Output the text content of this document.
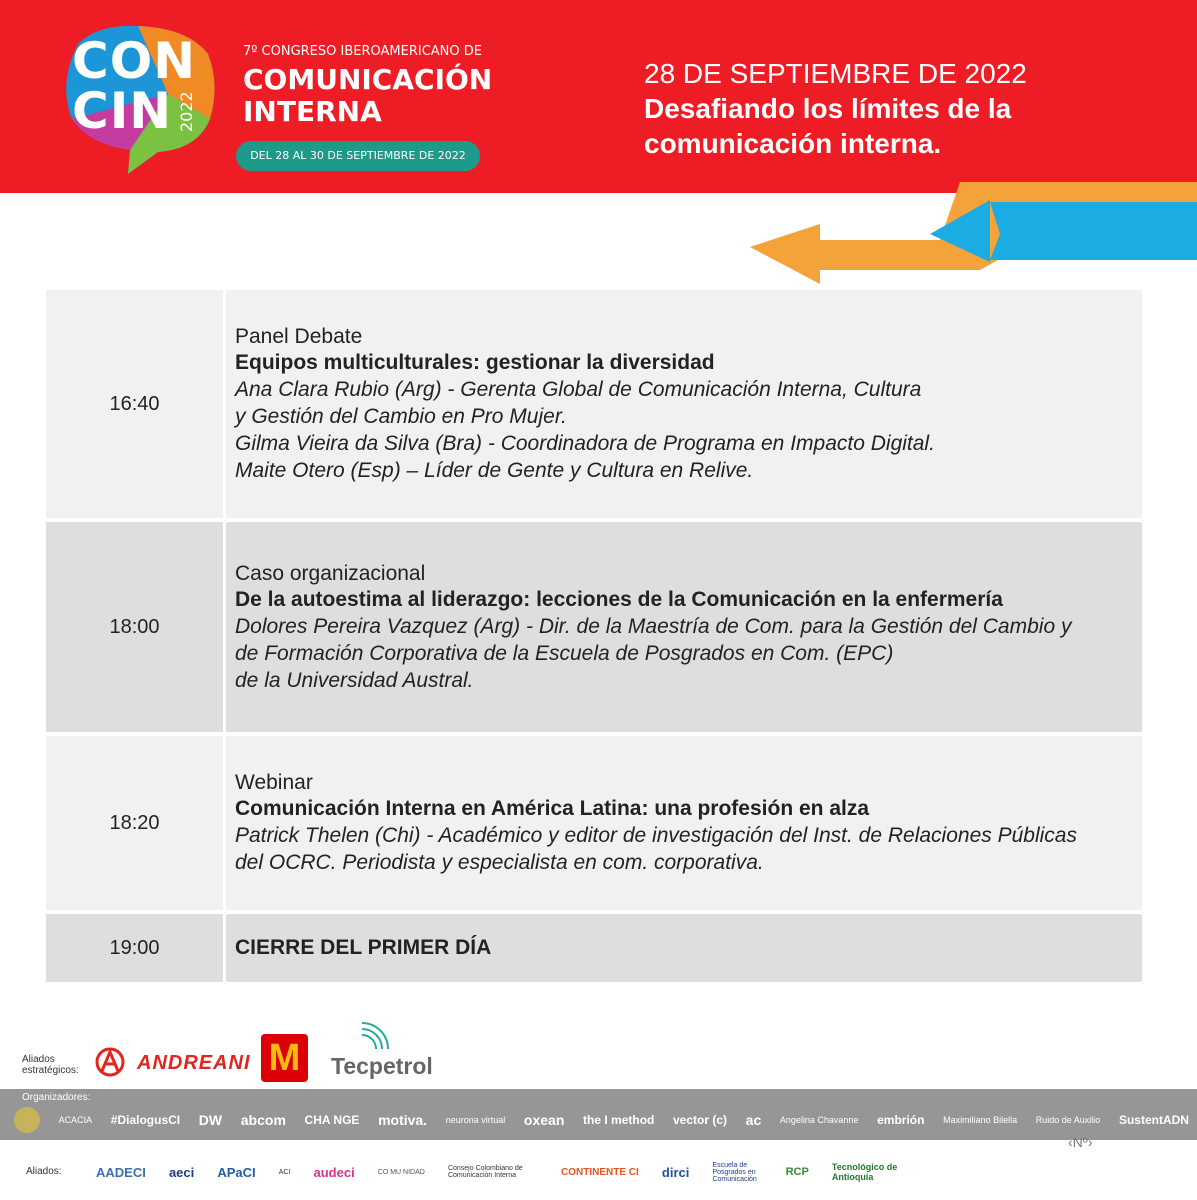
CON
CIN 2022
7º CONGRESO IBEROAMERICANO DE
COMUNICACIÓN
INTERNA
DEL 28 AL 30 DE SEPTIEMBRE DE 2022
28 DE SEPTIEMBRE DE 2022
Desafiando los límites de la
comunicación interna.
16:40
Panel Debate
Equipos multiculturales: gestionar la diversidad
Ana Clara Rubio (Arg) - Gerenta Global de Comunicación Interna, Cultura
y Gestión del Cambio en Pro Mujer.
Gilma Vieira da Silva (Bra) - Coordinadora de Programa en Impacto Digital.
Maite Otero (Esp) – Líder de Gente y Cultura en Relive.
18:00
Caso organizacional
De la autoestima al liderazgo: lecciones de la Comunicación en la enfermería
Dolores Pereira Vazquez (Arg) - Dir. de la Maestría de Com. para la Gestión del Cambio y
de Formación Corporativa de la Escuela de Posgrados en Com. (EPC)
de la Universidad Austral.
18:20
Webinar
Comunicación Interna en América Latina: una profesión en alza
Patrick Thelen (Chi) - Académico y editor de investigación del Inst. de Relaciones Públicas
del OCRC. Periodista y especialista en com. corporativa.
19:00	CIERRE DEL PRIMER DÍA
Aliados
estratégicos:	ANDREANI M	Tecpetrol
Organizadores:
ACACIA #DialogusCI DW abcom CHA NGE motiva. neurona virtual oxean the I method vector (c) ac Angelina Chavanne embrión Maximiliano Bilella Ruido de Auxilio SustentADN
‹Nº›
Aliados:	AADECI aeci APaCI	ACI audeci	CO MU NIDAD	Consejo Colombiano de Comunicación Interna	CONTINENTE CI dirci	Escuela de Posgrados en Comunicación
RCP	Tecnológico de Antioquia
